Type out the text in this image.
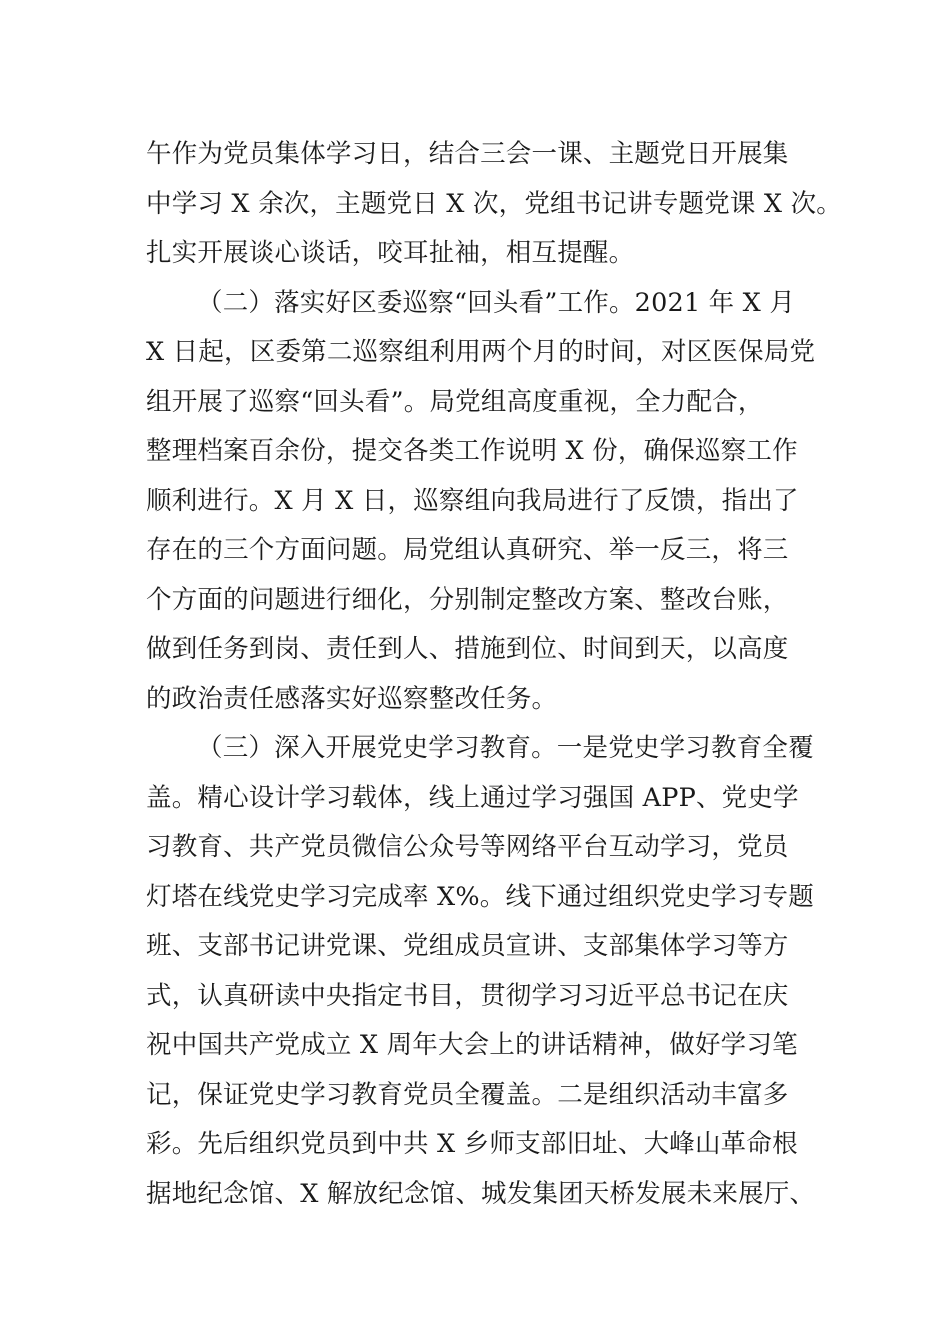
午作为党员集体学习日，结合三会一课、主题党日开展集
中学习 X 余次，主题党日 X 次，党组书记讲专题党课 X 次。
扎实开展谈心谈话，咬耳扯袖，相互提醒。
（二）落实好区委巡察“回头看”工作。2021 年 X 月
X 日起，区委第二巡察组利用两个月的时间，对区医保局党
组开展了巡察“回头看”。局党组高度重视，全力配合，
整理档案百余份，提交各类工作说明 X 份，确保巡察工作
顺利进行。X 月 X 日，巡察组向我局进行了反馈，指出了
存在的三个方面问题。局党组认真研究、举一反三，将三
个方面的问题进行细化，分别制定整改方案、整改台账，
做到任务到岗、责任到人、措施到位、时间到天，以高度
的政治责任感落实好巡察整改任务。
（三）深入开展党史学习教育。一是党史学习教育全覆
盖。精心设计学习载体，线上通过学习强国 APP、党史学
习教育、共产党员微信公众号等网络平台互动学习，党员
灯塔在线党史学习完成率 X%。线下通过组织党史学习专题
班、支部书记讲党课、党组成员宣讲、支部集体学习等方
式，认真研读中央指定书目，贯彻学习习近平总书记在庆
祝中国共产党成立 X 周年大会上的讲话精神，做好学习笔
记，保证党史学习教育党员全覆盖。二是组织活动丰富多
彩。先后组织党员到中共 X 乡师支部旧址、大峰山革命根
据地纪念馆、X 解放纪念馆、城发集团天桥发展未来展厅、
